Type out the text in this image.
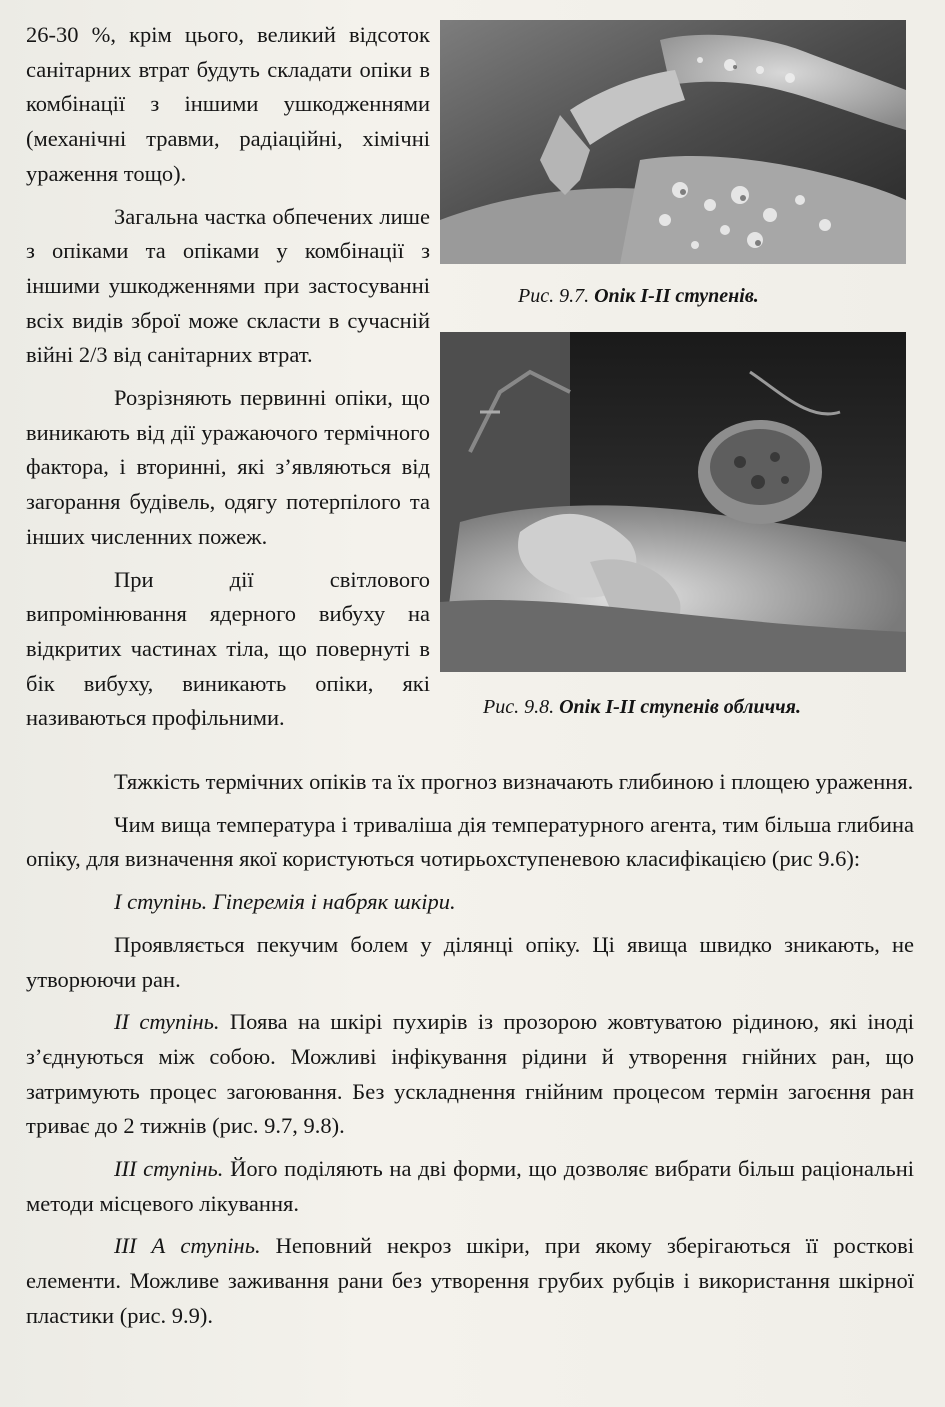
26-30 %, крім цього, великий відсоток санітарних втрат будуть складати опіки в комбінації з іншими ушкодженнями (механічні травми, радіаційні, хімічні ураження тощо).

Загальна частка обпечених лише з опіками та опіками у комбінації з іншими ушкодженнями при застосуванні всіх видів зброї може скласти в сучасній війні 2/3 від санітарних втрат.

Розрізняють первинні опіки, що виникають від дії уражаючого термічного фактора, і вторинні, які з’являються від загорання будівель, одягу потерпілого та інших численних пожеж.

При дії світлового випромінювання ядерного вибуху на відкритих частинах тіла, що повернуті в бік вибуху, виникають опіки, які називаються профільними.

Рис. 9.7. Опік І-ІІ ступенів.
Рис. 9.8. Опік І-ІІ ступенів обличчя.

Тяжкість термічних опіків та їх прогноз визначають глибиною і площею ураження.

Чим вища температура і триваліша дія температурного агента, тим більша глибина опіку, для визначення якої користуються чотирьохступеневою класифікацією (рис 9.6):

І ступінь. Гіперемія і набряк шкіри.

Проявляється пекучим болем у ділянці опіку. Ці явища швидко зникають, не утворюючи ран.

ІІ ступінь. Поява на шкірі пухирів із прозорою жовтуватою рідиною, які іноді з’єднуються між собою. Можливі інфікування рідини й утворення гнійних ран, що затримують процес загоювання. Без ускладнення гнійним процесом термін загоєння ран триває до 2 тижнів (рис. 9.7, 9.8).

ІІІ ступінь. Його поділяють на дві форми, що дозволяє вибрати більш раціональні методи місцевого лікування.

ІІІ А ступінь. Неповний некроз шкіри, при якому зберігаються її росткові елементи. Можливе заживання рани без утворення грубих рубців і використання шкірної пластики (рис. 9.9).
